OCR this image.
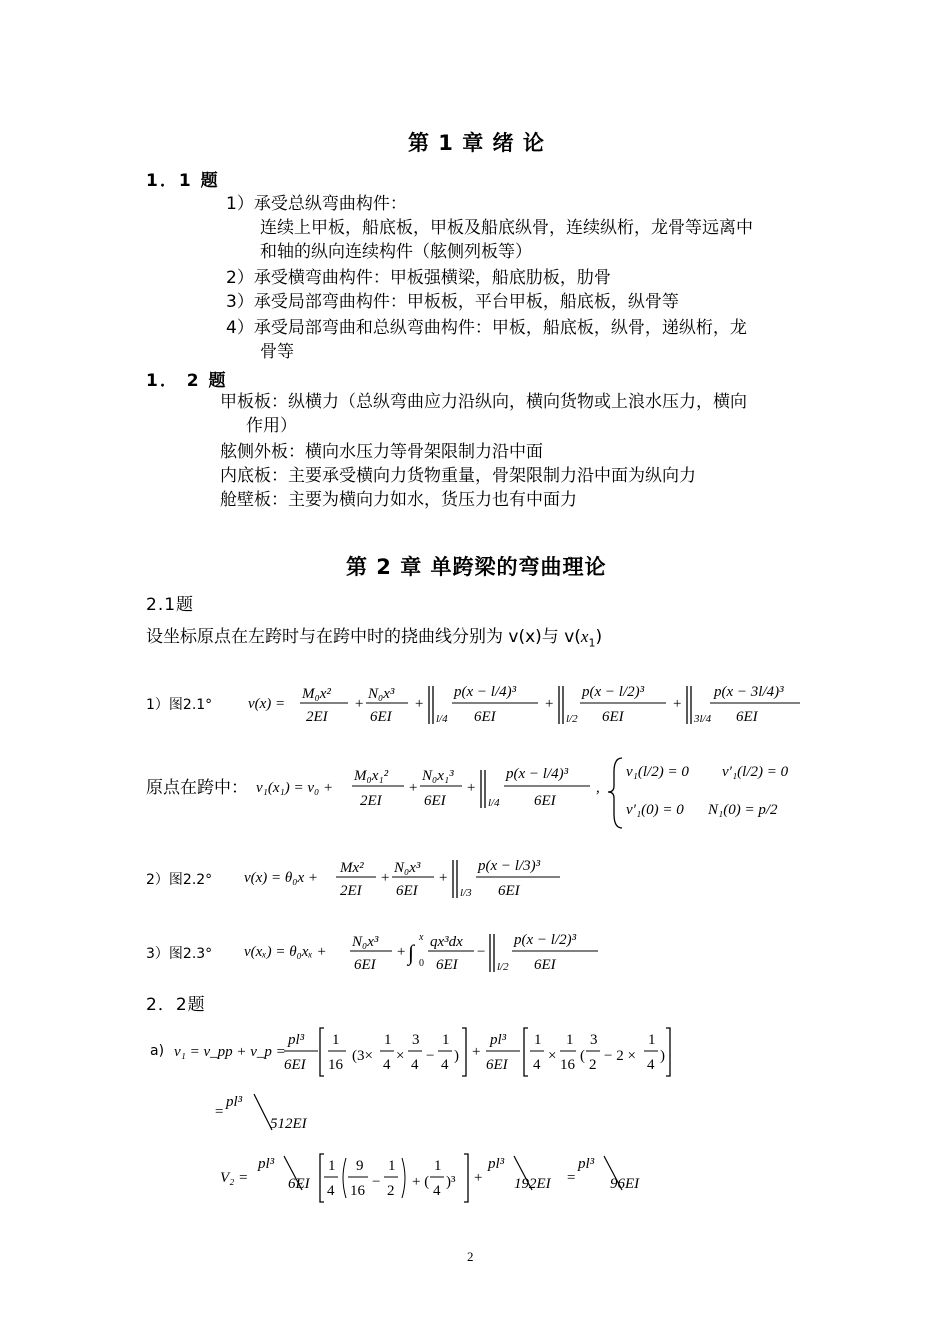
第 1 章 绪 论
1．1 题
1）承受总纵弯曲构件：
连续上甲板，船底板，甲板及船底纵骨，连续纵桁，龙骨等远离中
和轴的纵向连续构件（舷侧列板等）
2）承受横弯曲构件：甲板强横梁，船底肋板，肋骨
3）承受局部弯曲构件：甲板板，平台甲板，船底板，纵骨等
4）承受局部弯曲和总纵弯曲构件：甲板，船底板，纵骨，递纵桁，龙
骨等
1． 2 题
甲板板：纵横力（总纵弯曲应力沿纵向，横向货物或上浪水压力，横向
作用）
舷侧外板：横向水压力等骨架限制力沿中面
内底板：主要承受横向力货物重量，骨架限制力沿中面为纵向力
舱壁板：主要为横向力如水，货压力也有中面力
第 2 章 单跨梁的弯曲理论
2.1题
设坐标原点在左跨时与在跨中时的挠曲线分别为 v(x)与 $v(x_1)$
1）图2.1° v(x) =
M₀x²
2EI
+
N₀x³
6EI
+
l/4
p(x − l/4)³
6EI
+
l/2
p(x − l/2)³
6EI
+
3l/4
p(x − 3l/4)³
6EI
原点在跨中： v₁(x₁) = v₀ +
M₀x₁²
2EI
+
N₀x₁³
6EI
+
l/4
p(x − l/4)³
6EI
,
v₁(l/2) = 0 v′₁(l/2) = 0
v′₁(0) = 0 N₁(0) = p/2
2）图2.2° v(x) = θ₀x +
Mx²
2EI
+
N₀x³
6EI
+
l/3
p(x − l/3)³
6EI
3）图2.3° v(xₓ) = θ₀xₓ +
N₀x³
6EI
+ ∫
x
0
qx³dx
6EI
−
l/2
p(x − l/2)³
6EI
2．2题
a) v₁ = v_pp + v_p =
pl³
6EI
1
16
(3×
1
4
×
3
4
−
1
4
) +
pl³
6EI
1
4
×
1
16
(
3
2
− 2 ×
1
4
)
=
pl³
512EI
V₂ =
pl³
6EI
1
4
9
16
−
1
2
+ (
1
4
)³ +
pl³
192EI =
pl³
96EI
2
